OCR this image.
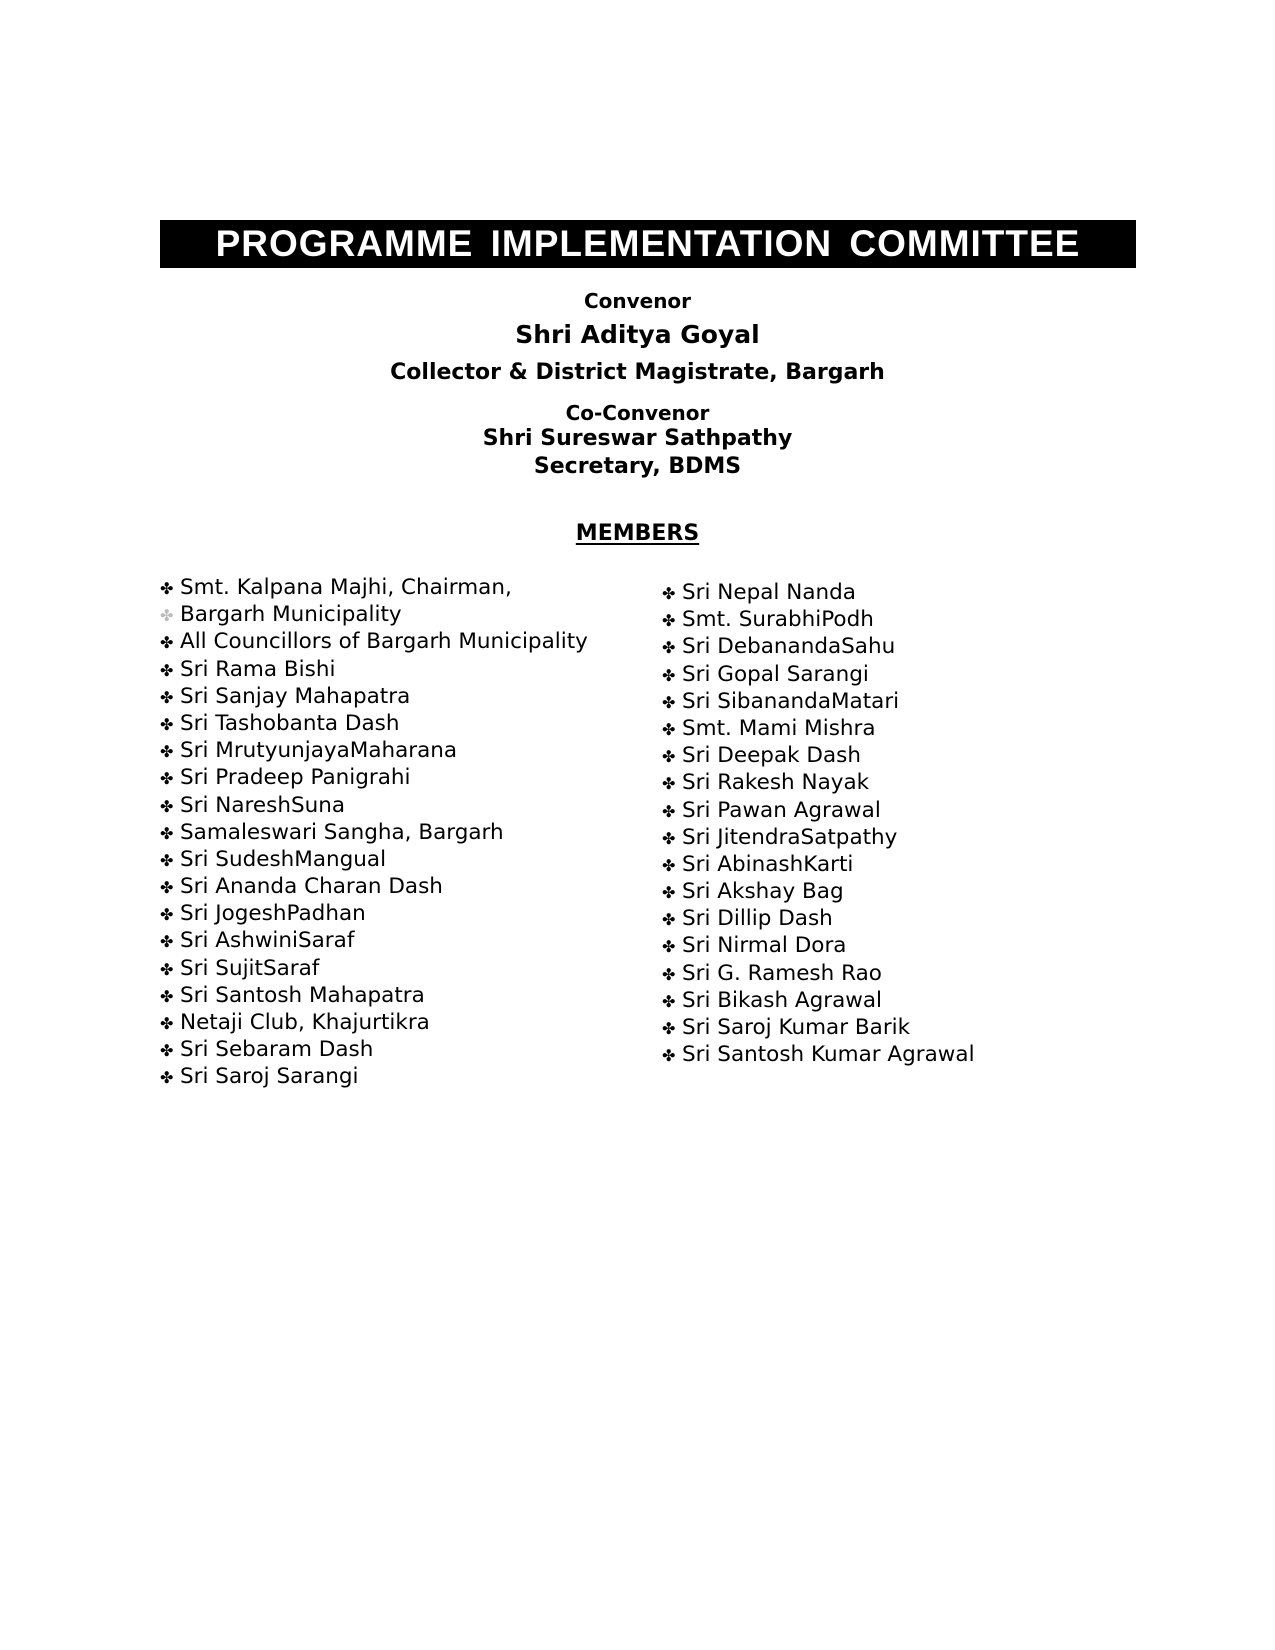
PROGRAMME IMPLEMENTATION COMMITTEE
Convenor
Shri Aditya Goyal
Collector & District Magistrate, Bargarh
Co-Convenor
Shri Sureswar Sathpathy
Secretary, BDMS
MEMBERS
✤ Smt. Kalpana Majhi, Chairman,
✤ Bargarh Municipality
✤ All Councillors of Bargarh Municipality
✤ Sri Rama Bishi
✤ Sri Sanjay Mahapatra
✤ Sri Tashobanta Dash
✤ Sri MrutyunjayaMaharana
✤ Sri Pradeep Panigrahi
✤ Sri NareshSuna
✤ Samaleswari Sangha, Bargarh
✤ Sri SudeshMangual
✤ Sri Ananda Charan Dash
✤ Sri JogeshPadhan
✤ Sri AshwiniSaraf
✤ Sri SujitSaraf
✤ Sri Santosh Mahapatra
✤ Netaji Club, Khajurtikra
✤ Sri Sebaram Dash
✤ Sri Saroj Sarangi
✤ Sri Nepal Nanda
✤ Smt. SurabhiPodh
✤ Sri DebanandaSahu
✤ Sri Gopal Sarangi
✤ Sri SibanandaMatari
✤ Smt. Mami Mishra
✤ Sri Deepak Dash
✤ Sri Rakesh Nayak
✤ Sri Pawan Agrawal
✤ Sri JitendraSatpathy
✤ Sri AbinashKarti
✤ Sri Akshay Bag
✤ Sri Dillip Dash
✤ Sri Nirmal Dora
✤ Sri G. Ramesh Rao
✤ Sri Bikash Agrawal
✤ Sri Saroj Kumar Barik
✤ Sri Santosh Kumar Agrawal
